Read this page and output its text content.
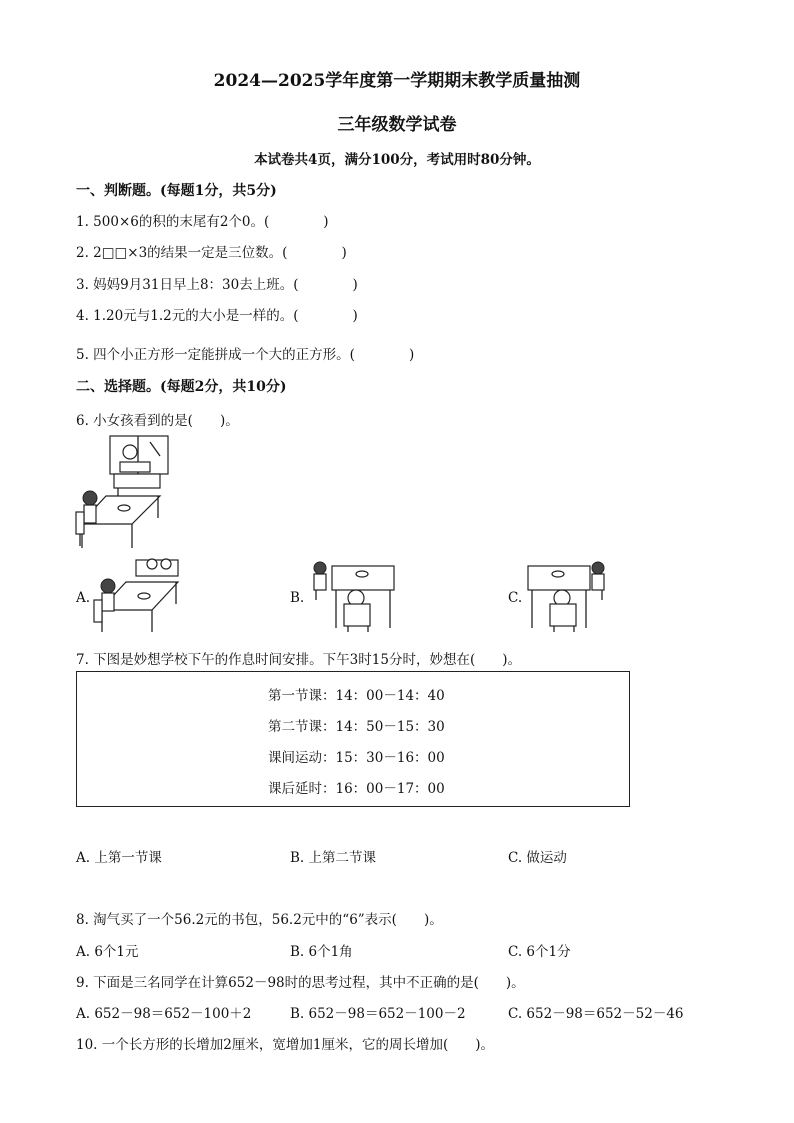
2024—2025学年度第一学期期末教学质量抽测
三年级数学试卷
本试卷共4页，满分100分，考试用时80分钟。
一、判断题。(每题1分，共5分)
1. 500×6的积的末尾有2个0。(　　　　)
2. 2□□×3的结果一定是三位数。(　　　　)
3. 妈妈9月31日早上8：30去上班。(　　　　)
4. 1.20元与1.2元的大小是一样的。(　　　　)
5. 四个小正方形一定能拼成一个大的正方形。(　　　　)
二、选择题。(每题2分，共10分)
6. 小女孩看到的是(　　)。
A.	B.	C.
7. 下图是妙想学校下午的作息时间安排。下午3时15分时，妙想在(　　)。
第一节课：14：00－14：40
第二节课：14：50－15：30
课间运动：15：30－16：00
课后延时：16：00－17：00
A. 上第一节课	B. 上第二节课	C. 做运动
8. 淘气买了一个56.2元的书包，56.2元中的“6”表示(　　)。
A. 6个1元	B. 6个1角	C. 6个1分
9. 下面是三名同学在计算652－98时的思考过程，其中不正确的是(　　)。
A. 652－98＝652－100＋2	B. 652－98＝652－100－2	C. 652－98＝652－52－46
10. 一个长方形的长增加2厘米，宽增加1厘米，它的周长增加(　　)。
